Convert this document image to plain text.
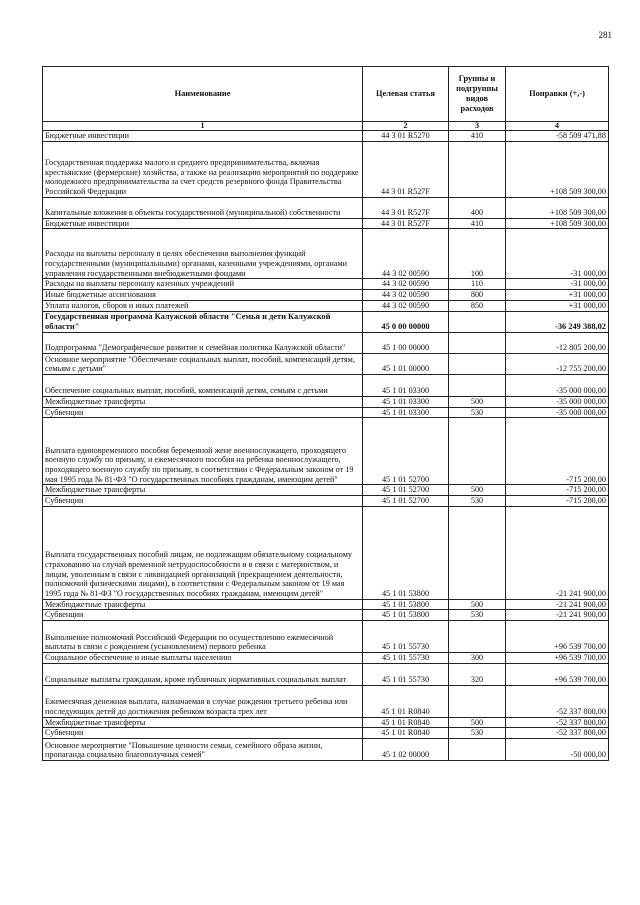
281
Наименование	Целевая статья	Группы и подгруппы видов расходов	Поправки (+,-)
1	2	3	4
Бюджетные инвестиции	44 3 01 R5270	410	-58 509 471,88
Государственная поддержка малого и среднего предпринимательства, включая крестьянские (фермерские) хозяйства, а также на реализацию мероприятий по поддержке молодежного предпринимательства за счет средств резервного фонда Правительства Российской Федерации	44 3 01 R527F		+108 509 300,00
Капитальные вложения в объекты государственной (муниципальной) собственности	44 3 01 R527F	400	+108 509 300,00
Бюджетные инвестиции	44 3 01 R527F	410	+108 509 300,00
Расходы на выплаты персоналу в целях обеспечения выполнения функций государственными (муниципальными) органами, казенными учреждениями, органами управления государственными внебюджетными фондами	44 3 02 00590	100	-31 000,00
Расходы на выплаты персоналу казенных учреждений	44 3 02 00590	110	-31 000,00
Иные бюджетные ассигнования	44 3 02 00590	800	+31 000,00
Уплата налогов, сборов и иных платежей	44 3 02 00590	850	+31 000,00
Государственная программа Калужской области "Семья и дети Калужской области"	45 0 00 00000		-36 249 388,02
Подпрограмма "Демографическое развитие и семейная политика Калужской области"	45 1 00 00000		-12 805 200,00
Основное мероприятие "Обеспечение социальных выплат, пособий, компенсаций детям, семьям с детьми"	45 1 01 00000		-12 755 200,00
Обеспечение социальных выплат, пособий, компенсаций детям, семьям с детьми	45 1 01 03300		-35 000 000,00
Межбюджетные трансферты	45 1 01 03300	500	-35 000 000,00
Субвенции	45 1 01 03300	530	-35 000 000,00
Выплата единовременного пособия беременной жене военнослужащего, проходящего военную службу по призыву, и ежемесячного пособия на ребенка военнослужащего, проходящего военную службу по призыву, в соответствии с Федеральным законом от 19 мая 1995 года № 81-ФЗ "О государственных пособиях гражданам, имеющим детей"	45 1 01 52700		-715 200,00
Межбюджетные трансферты	45 1 01 52700	500	-715 200,00
Субвенции	45 1 01 52700	530	-715 200,00
Выплата государственных пособий лицам, не подлежащим обязательному социальному страхованию на случай временной нетрудоспособности и в связи с материнством, и лицам, уволенным в связи с ликвидацией организаций (прекращением деятельности, полномочий физическими лицами), в соответствии с Федеральным законом от 19 мая 1995 года № 81-ФЗ "О государственных пособиях гражданам, имеющим детей"	45 1 01 53800		-21 241 900,00
Межбюджетные трансферты	45 1 01 53800	500	-21 241 900,00
Субвенции	45 1 01 53800	530	-21 241 900,00
Выполнение полномочий Российской Федерации по осуществлению ежемесячной выплаты в связи с рождением (усыновлением) первого ребенка	45 1 01 55730		+96 539 700,00
Социальное обеспечение и иные выплаты населению	45 1 01 55730	300	+96 539 700,00
Социальные выплаты гражданам, кроме публичных нормативных социальных выплат	45 1 01 55730	320	+96 539 700,00
Ежемесячная денежная выплата, назначаемая в случае рождения третьего ребенка или последующих детей до достижения ребенком возраста трех лет	45 1 01 R0840		-52 337 800,00
Межбюджетные трансферты	45 1 01 R0840	500	-52 337 800,00
Субвенции	45 1 01 R0840	530	-52 337 800,00
Основное мероприятие "Повышение ценности семьи, семейного образа жизни, пропаганда социально благополучных семей"	45 1 02 00000		-50 000,00
